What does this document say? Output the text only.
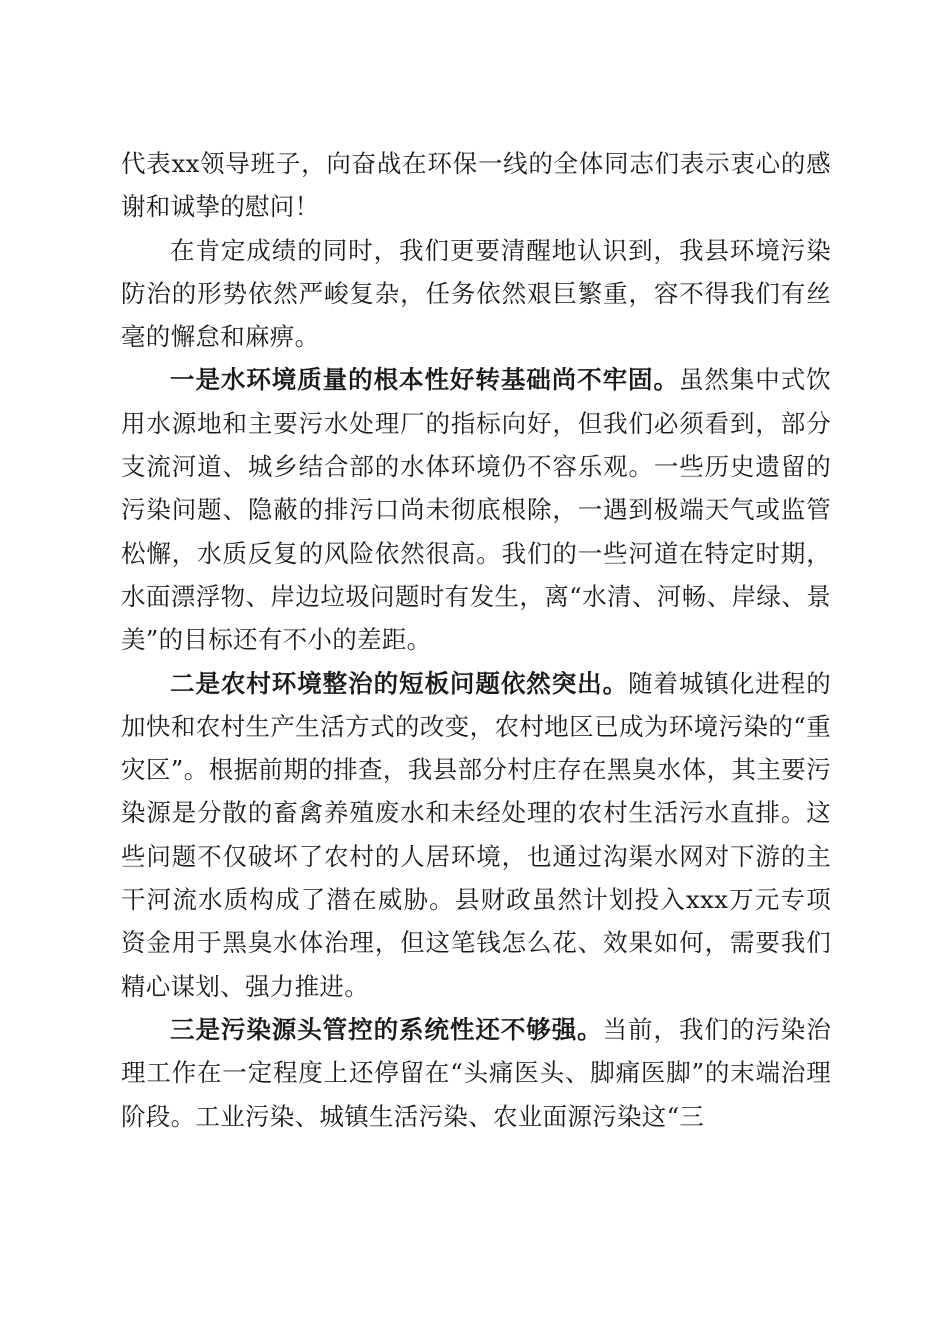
代表xx领导班子，向奋战在环保一线的全体同志们表示衷心的感谢和诚挚的慰问！

在肯定成绩的同时，我们更要清醒地认识到，我县环境污染防治的形势依然严峻复杂，任务依然艰巨繁重，容不得我们有丝毫的懈怠和麻痹。

一是水环境质量的根本性好转基础尚不牢固。虽然集中式饮用水源地和主要污水处理厂的指标向好，但我们必须看到，部分支流河道、城乡结合部的水体环境仍不容乐观。一些历史遗留的污染问题、隐蔽的排污口尚未彻底根除，一遇到极端天气或监管松懈，水质反复的风险依然很高。我们的一些河道在特定时期，水面漂浮物、岸边垃圾问题时有发生，离“水清、河畅、岸绿、景美”的目标还有不小的差距。

二是农村环境整治的短板问题依然突出。随着城镇化进程的加快和农村生产生活方式的改变，农村地区已成为环境污染的“重灾区”。根据前期的排查，我县部分村庄存在黑臭水体，其主要污染源是分散的畜禽养殖废水和未经处理的农村生活污水直排。这些问题不仅破坏了农村的人居环境，也通过沟渠水网对下游的主干河流水质构成了潜在威胁。县财政虽然计划投入xxx万元专项资金用于黑臭水体治理，但这笔钱怎么花、效果如何，需要我们精心谋划、强力推进。

三是污染源头管控的系统性还不够强。当前，我们的污染治理工作在一定程度上还停留在“头痛医头、脚痛医脚”的末端治理阶段。工业污染、城镇生活污染、农业面源污染这“三
